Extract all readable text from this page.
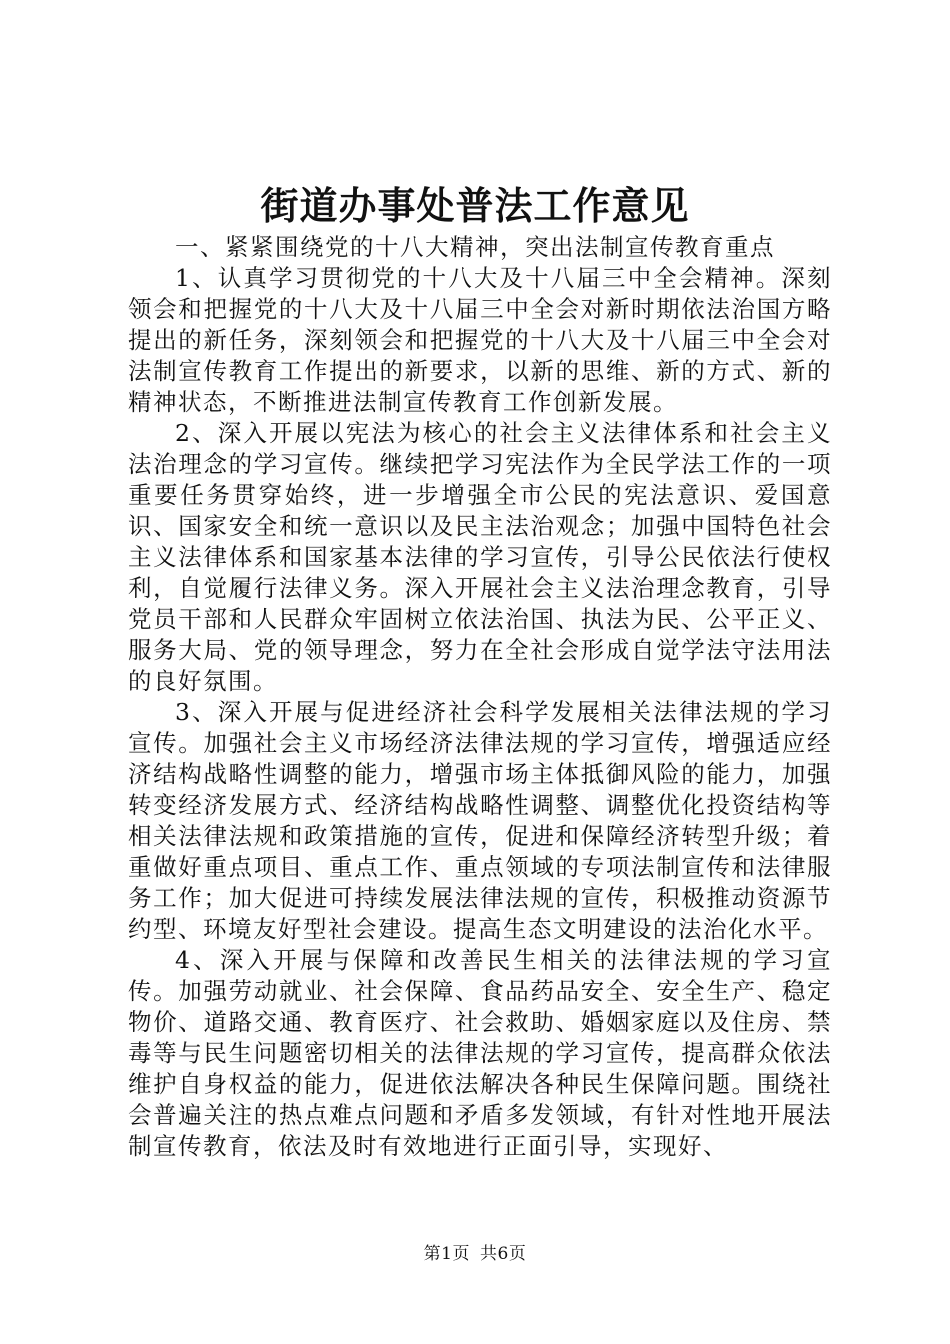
街道办事处普法工作意见

一、紧紧围绕党的十八大精神，突出法制宣传教育重点

1、认真学习贯彻党的十八大及十八届三中全会精神。深刻领会和把握党的十八大及十八届三中全会对新时期依法治国方略提出的新任务，深刻领会和把握党的十八大及十八届三中全会对法制宣传教育工作提出的新要求，以新的思维、新的方式、新的精神状态，不断推进法制宣传教育工作创新发展。

2、深入开展以宪法为核心的社会主义法律体系和社会主义法治理念的学习宣传。继续把学习宪法作为全民学法工作的一项重要任务贯穿始终，进一步增强全市公民的宪法意识、爱国意识、国家安全和统一意识以及民主法治观念；加强中国特色社会主义法律体系和国家基本法律的学习宣传，引导公民依法行使权利，自觉履行法律义务。深入开展社会主义法治理念教育，引导党员干部和人民群众牢固树立依法治国、执法为民、公平正义、服务大局、党的领导理念，努力在全社会形成自觉学法守法用法的良好氛围。

3、深入开展与促进经济社会科学发展相关法律法规的学习宣传。加强社会主义市场经济法律法规的学习宣传，增强适应经济结构战略性调整的能力，增强市场主体抵御风险的能力，加强转变经济发展方式、经济结构战略性调整、调整优化投资结构等相关法律法规和政策措施的宣传，促进和保障经济转型升级；着重做好重点项目、重点工作、重点领域的专项法制宣传和法律服务工作；加大促进可持续发展法律法规的宣传，积极推动资源节约型、环境友好型社会建设。提高生态文明建设的法治化水平。

4、深入开展与保障和改善民生相关的法律法规的学习宣传。加强劳动就业、社会保障、食品药品安全、安全生产、稳定物价、道路交通、教育医疗、社会救助、婚姻家庭以及住房、禁毒等与民生问题密切相关的法律法规的学习宣传，提高群众依法维护自身权益的能力，促进依法解决各种民生保障问题。围绕社会普遍关注的热点难点问题和矛盾多发领域，有针对性地开展法制宣传教育，依法及时有效地进行正面引导，实现好、

第1页 共6页
